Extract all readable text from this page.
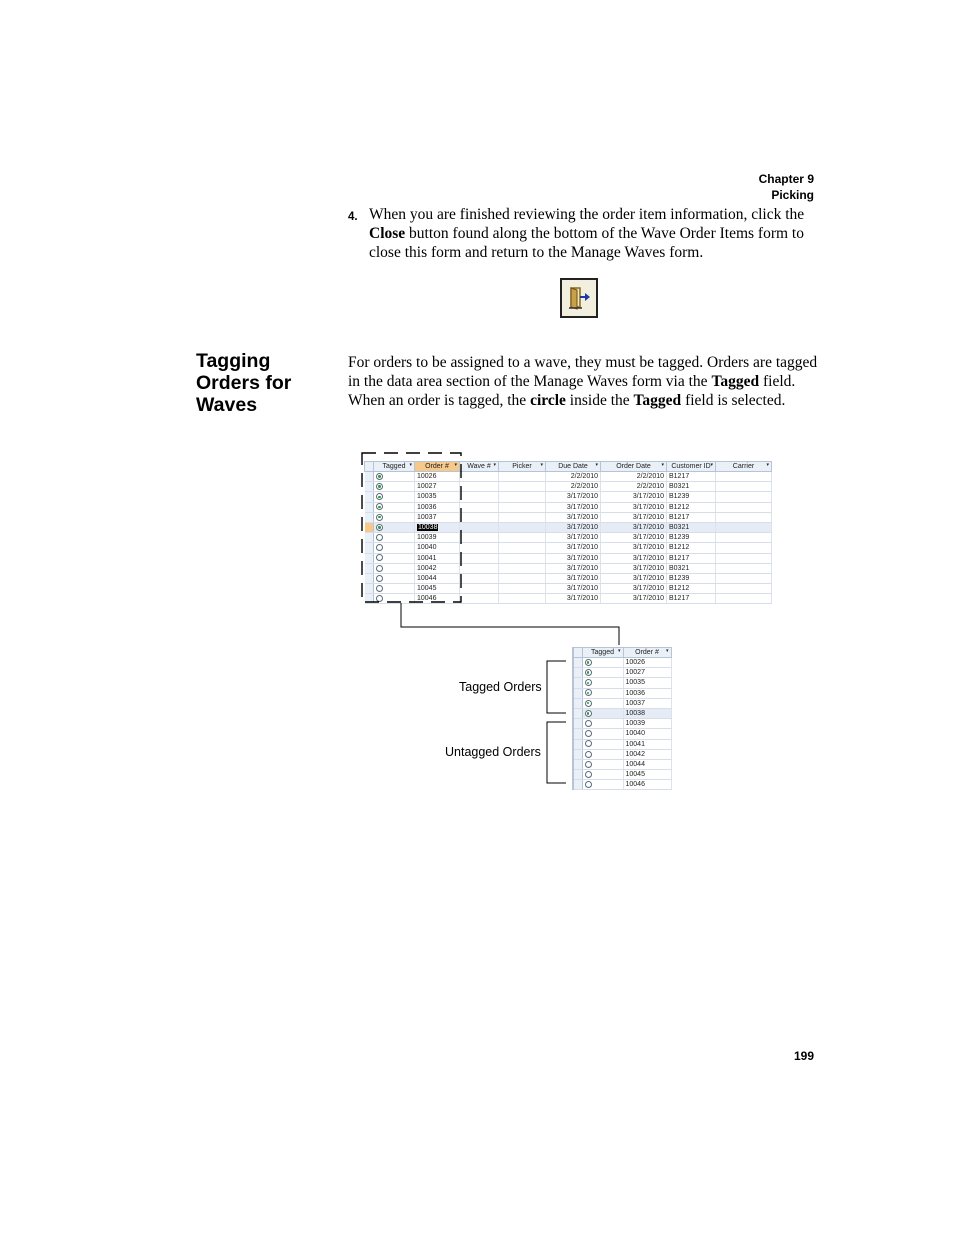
Chapter 9
Picking
4. When you are finished reviewing the order item information, click the Close button found along the bottom of the Wave Order Items form to close this form and return to the Manage Waves form.
Tagging Orders for Waves
For orders to be assigned to a wave, they must be tagged. Orders are tagged in the data area section of the Manage Waves form via the Tagged field. When an order is tagged, the circle inside the Tagged field is selected.
	Tagged ▾	Order # ▾	Wave # ▾	Picker ▾	Due Date ▾	Order Date ▾	Customer ID ▾	Carrier ▾

		10026			2/2/2010	2/2/2010	B1217	
		10027			2/2/2010	2/2/2010	B0321	
		10035			3/17/2010	3/17/2010	B1239	
		10036			3/17/2010	3/17/2010	B1212	
		10037			3/17/2010	3/17/2010	B1217	
		10038			3/17/2010	3/17/2010	B0321	
		10039			3/17/2010	3/17/2010	B1239	
		10040			3/17/2010	3/17/2010	B1212	
		10041			3/17/2010	3/17/2010	B1217	
		10042			3/17/2010	3/17/2010	B0321	
		10044			3/17/2010	3/17/2010	B1239	
		10045			3/17/2010	3/17/2010	B1212	
		10046			3/17/2010	3/17/2010	B1217	
	Tagged ▾	Order # ▾

		10026
		10027
		10035
		10036
		10037
		10038
		10039
		10040
		10041
		10042
		10044
		10045
		10046
Tagged Orders
Untagged Orders
199
